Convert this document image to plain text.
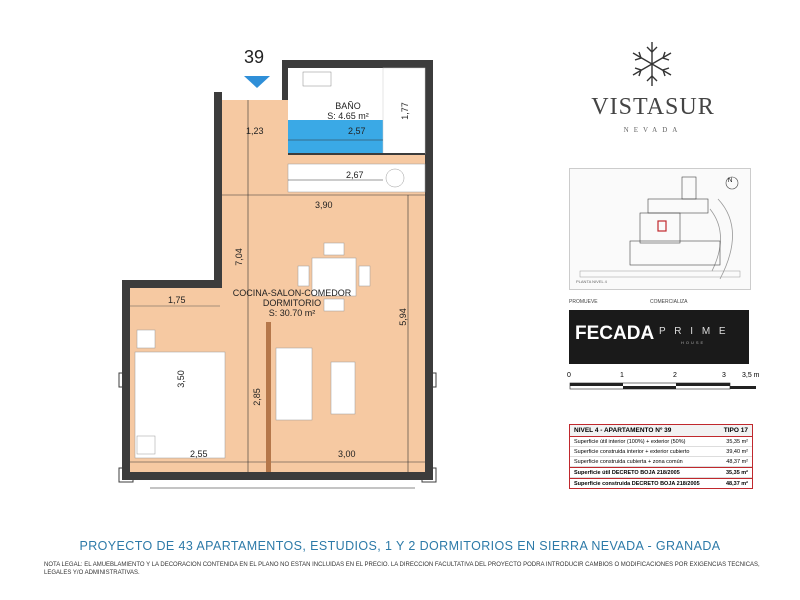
39
BAÑO
S: 4.65 m²
COCINA-SALON-COMEDOR
DORMITORIO
S: 30.70 m²
1,23	2,57
1,77
2,67
3,90
7,04
1,75
5,94
3,50
2,85
2,55	3,00
VISTASUR
NEVADA
N
PLANTA NIVEL 4
PROMUEVE	COMERCIALIZA
FECADA P R I M E
HOUSE
0	1	2	3 3,5 m
NIVEL 4 - APARTAMENTO Nº 39	TIPO 17
Superficie útil interior (100%) + exterior (50%)	35,35 m²
Superficie construida interior + exterior cubierto	39,40 m²
Superficie construida cubierta + zona común	48,37 m²
Superficie útil DECRETO BOJA 218/2005	35,35 m²
Superficie construida DECRETO BOJA 218/2005	48,37 m²
PROYECTO DE 43 APARTAMENTOS, ESTUDIOS, 1 Y 2 DORMITORIOS EN SIERRA NEVADA - GRANADA
NOTA LEGAL: EL AMUEBLAMIENTO Y LA DECORACION CONTENIDA EN EL PLANO NO ESTAN INCLUIDAS EN EL PRECIO. LA DIRECCION FACULTATIVA DEL PROYECTO PODRA INTRODUCIR CAMBIOS O MODIFICACIONES POR EXIGENCIAS TECNICAS, LEGALES Y/O ADMINISTRATIVAS.
